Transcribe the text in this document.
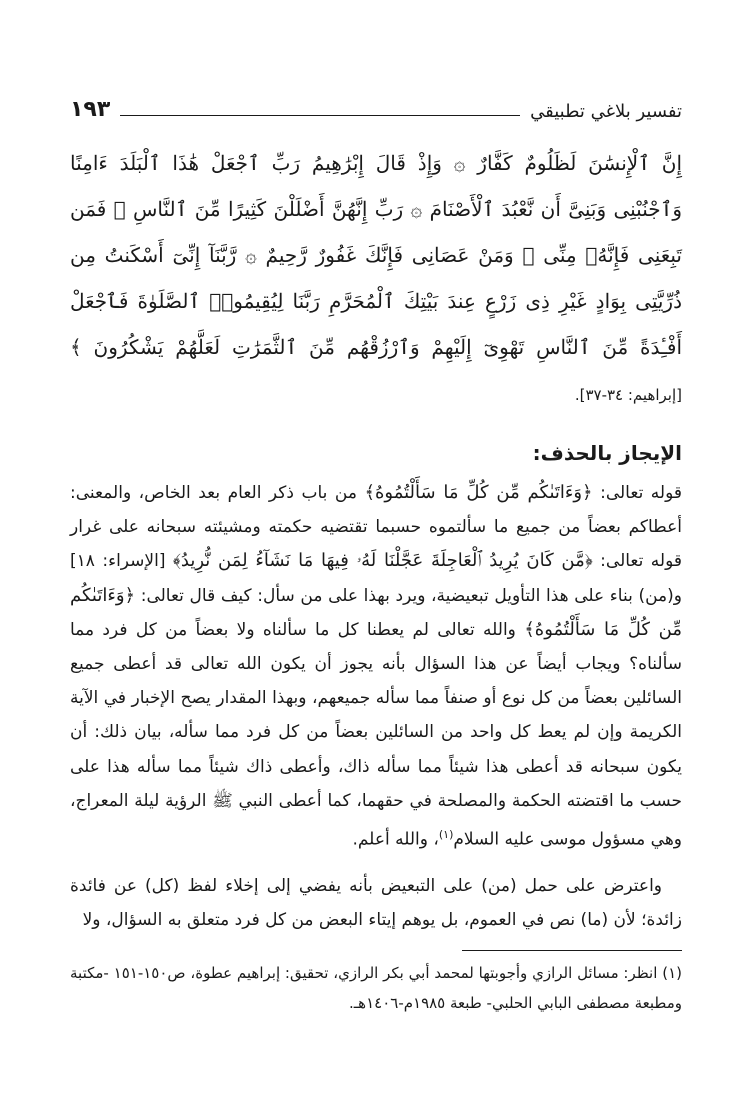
تفسير بلاغي تطبيقي
١٩٣

إِنَّ ٱلْإِنسَٰنَ لَظَلُومٌ كَفَّارٌ ۞ وَإِذْ قَالَ إِبْرَٰهِيمُ رَبِّ ٱجْعَلْ هَٰذَا ٱلْبَلَدَ ءَامِنًا وَٱجْنُبْنِى وَبَنِىَّ أَن نَّعْبُدَ ٱلْأَصْنَامَ ۞ رَبِّ إِنَّهُنَّ أَضْلَلْنَ كَثِيرًا مِّنَ ٱلنَّاسِ ۖ فَمَن تَبِعَنِى فَإِنَّهُۥ مِنِّى ۖ وَمَنْ عَصَانِى فَإِنَّكَ غَفُورٌ رَّحِيمٌ ۞ رَّبَّنَآ إِنِّىٓ أَسْكَنتُ مِن ذُرِّيَّتِى بِوَادٍ غَيْرِ ذِى زَرْعٍ عِندَ بَيْتِكَ ٱلْمُحَرَّمِ رَبَّنَا لِيُقِيمُوا۟ ٱلصَّلَوٰةَ فَٱجْعَلْ أَفْـِٔدَةً مِّنَ ٱلنَّاسِ تَهْوِىٓ إِلَيْهِمْ وَٱرْزُقْهُم مِّنَ ٱلثَّمَرَٰتِ لَعَلَّهُمْ يَشْكُرُونَ ﴾ [إبراهيم: ٣٤-٣٧].

الإيجاز بالحذف:

قوله تعالى: ﴿وَءَاتَىٰكُم مِّن كُلِّ مَا سَأَلْتُمُوهُ﴾ من باب ذكر العام بعد الخاص، والمعنى: أعطاكم بعضاً من جميع ما سألتموه حسبما تقتضيه حكمته ومشيئته سبحانه على غرار قوله تعالى: ﴿مَّن كَانَ يُرِيدُ ٱلْعَاجِلَةَ عَجَّلْنَا لَهُۥ فِيهَا مَا نَشَآءُ لِمَن نُّرِيدُ﴾ [الإسراء: ١٨] و(من) بناء على هذا التأويل تبعيضية، ويرد بهذا على من سأل: كيف قال تعالى: ﴿وَءَاتَىٰكُم مِّن كُلِّ مَا سَأَلْتُمُوهُ﴾ والله تعالى لم يعطنا كل ما سألناه ولا بعضاً من كل فرد مما سألناه؟ ويجاب أيضاً عن هذا السؤال بأنه يجوز أن يكون الله تعالى قد أعطى جميع السائلين بعضاً من كل نوع أو صنفاً مما سأله جميعهم، وبهذا المقدار يصح الإخبار في الآية الكريمة وإن لم يعط كل واحد من السائلين بعضاً من كل فرد مما سأله، بيان ذلك: أن يكون سبحانه قد أعطى هذا شيئاً مما سأله ذاك، وأعطى ذاك شيئاً مما سأله هذا على حسب ما اقتضته الحكمة والمصلحة في حقهما، كما أعطى النبي ﷺ الرؤية ليلة المعراج، وهي مسؤول موسى عليه السلام$^{(١)}$، والله أعلم.

واعترض على حمل (من) على التبعيض بأنه يفضي إلى إخلاء لفظ (كل) عن فائدة زائدة؛ لأن (ما) نص في العموم، بل يوهم إيتاء البعض من كل فرد متعلق به السؤال، ولا

(١) انظر: مسائل الرازي وأجوبتها لمحمد أبي بكر الرازي، تحقيق: إبراهيم عطوة، ص١٥٠-١٥١ -مكتبة ومطبعة مصطفى البابي الحلبي- طبعة ١٩٨٥م-١٤٠٦هـ.
